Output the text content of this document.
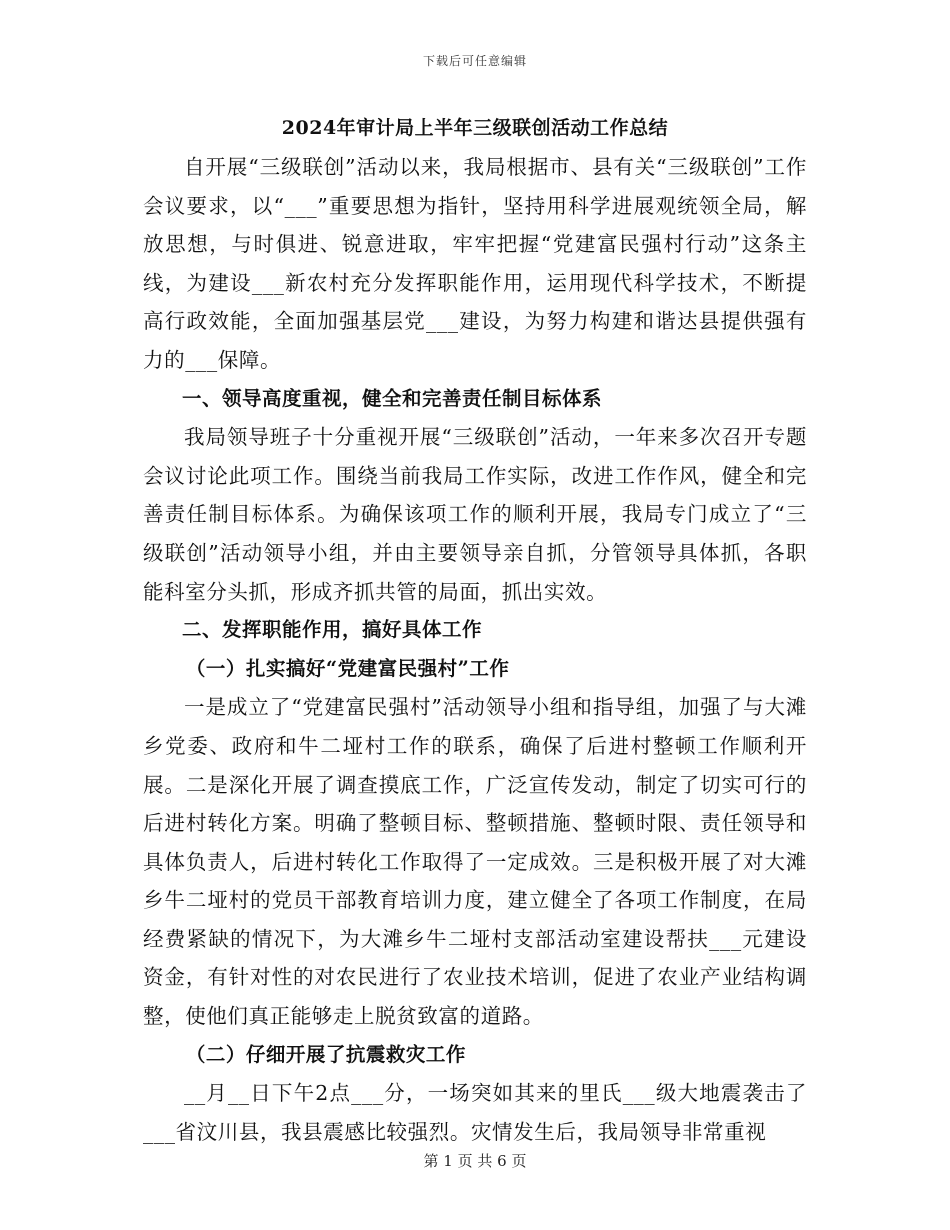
下载后可任意编辑
2024年审计局上半年三级联创活动工作总结

自开展“三级联创”活动以来，我局根据市、县有关“三级联创”工作会议要求，以“___”重要思想为指针，坚持用科学进展观统领全局，解放思想，与时俱进、锐意进取，牢牢把握“党建富民强村行动”这条主线，为建设___新农村充分发挥职能作用，运用现代科学技术，不断提高行政效能，全面加强基层党___建设，为努力构建和谐达县提供强有力的___保障。

一、领导高度重视，健全和完善责任制目标体系

我局领导班子十分重视开展“三级联创”活动，一年来多次召开专题会议讨论此项工作。围绕当前我局工作实际，改进工作作风，健全和完善责任制目标体系。为确保该项工作的顺利开展，我局专门成立了“三级联创”活动领导小组，并由主要领导亲自抓，分管领导具体抓，各职能科室分头抓，形成齐抓共管的局面，抓出实效。

二、发挥职能作用，搞好具体工作

（一）扎实搞好“党建富民强村”工作

一是成立了“党建富民强村”活动领导小组和指导组，加强了与大滩乡党委、政府和牛二垭村工作的联系，确保了后进村整顿工作顺利开展。二是深化开展了调查摸底工作，广泛宣传发动，制定了切实可行的后进村转化方案。明确了整顿目标、整顿措施、整顿时限、责任领导和具体负责人，后进村转化工作取得了一定成效。三是积极开展了对大滩乡牛二垭村的党员干部教育培训力度，建立健全了各项工作制度，在局经费紧缺的情况下，为大滩乡牛二垭村支部活动室建设帮扶___元建设资金，有针对性的对农民进行了农业技术培训，促进了农业产业结构调整，使他们真正能够走上脱贫致富的道路。

（二）仔细开展了抗震救灾工作

__月__日下午2点___分，一场突如其来的里氏___级大地震袭击了___省汶川县，我县震感比较强烈。灾情发生后，我局领导非常重视

第 1 页 共 6 页
